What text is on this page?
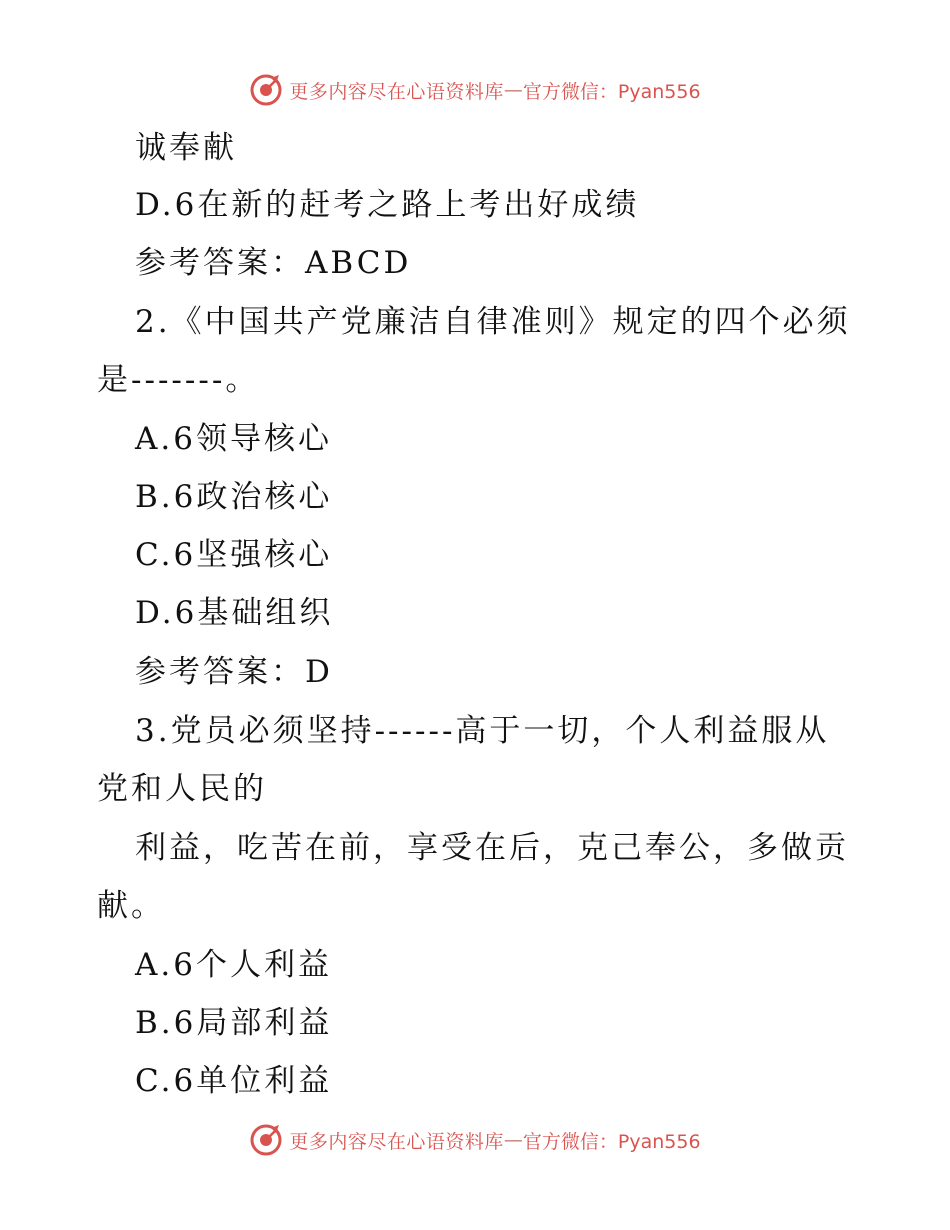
更多内容尽在心语资料库 — 官方微信：Pyan556
诚奉献
D.6在新的赶考之路上考出好成绩
参考答案：ABCD
2.《中国共产党廉洁自律准则》规定的四个必须
是-------。
A.6领导核心
B.6政治核心
C.6坚强核心
D.6基础组织
参考答案：D
3.党员必须坚持------高于一切，个人利益服从
党和人民的
利益，吃苦在前，享受在后，克己奉公，多做贡
献。
A.6个人利益
B.6局部利益
C.6单位利益
更多内容尽在心语资料库 — 官方微信：Pyan556
